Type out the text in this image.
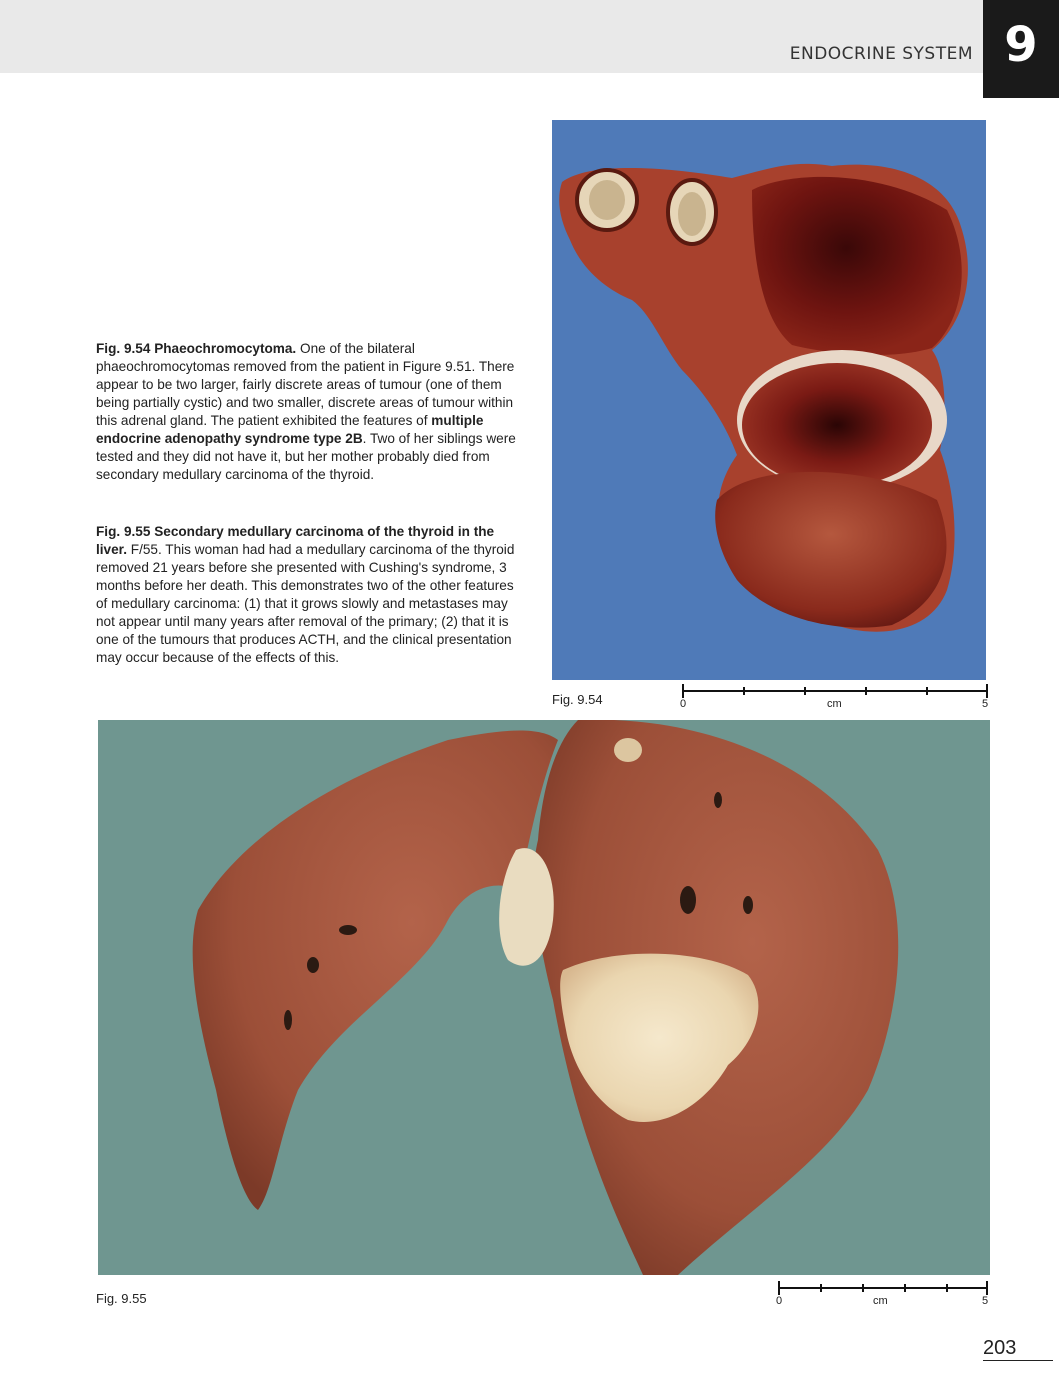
ENDOCRINE SYSTEM 9
Fig. 9.54 Phaeochromocytoma. One of the bilateral phaeochromocytomas removed from the patient in Figure 9.51. There appear to be two larger, fairly discrete areas of tumour (one of them being partially cystic) and two smaller, discrete areas of tumour within this adrenal gland. The patient exhibited the features of multiple endocrine adenopathy syndrome type 2B. Two of her siblings were tested and they did not have it, but her mother probably died from secondary medullary carcinoma of the thyroid.
Fig. 9.55 Secondary medullary carcinoma of the thyroid in the liver. F/55. This woman had had a medullary carcinoma of the thyroid removed 21 years before she presented with Cushing's syndrome, 3 months before her death. This demonstrates two of the other features of medullary carcinoma: (1) that it grows slowly and metastases may not appear until many years after removal of the primary; (2) that it is one of the tumours that produces ACTH, and the clinical presentation may occur because of the effects of this.
Fig. 9.54	0	cm	5
Fig. 9.55	0	cm	5
203
